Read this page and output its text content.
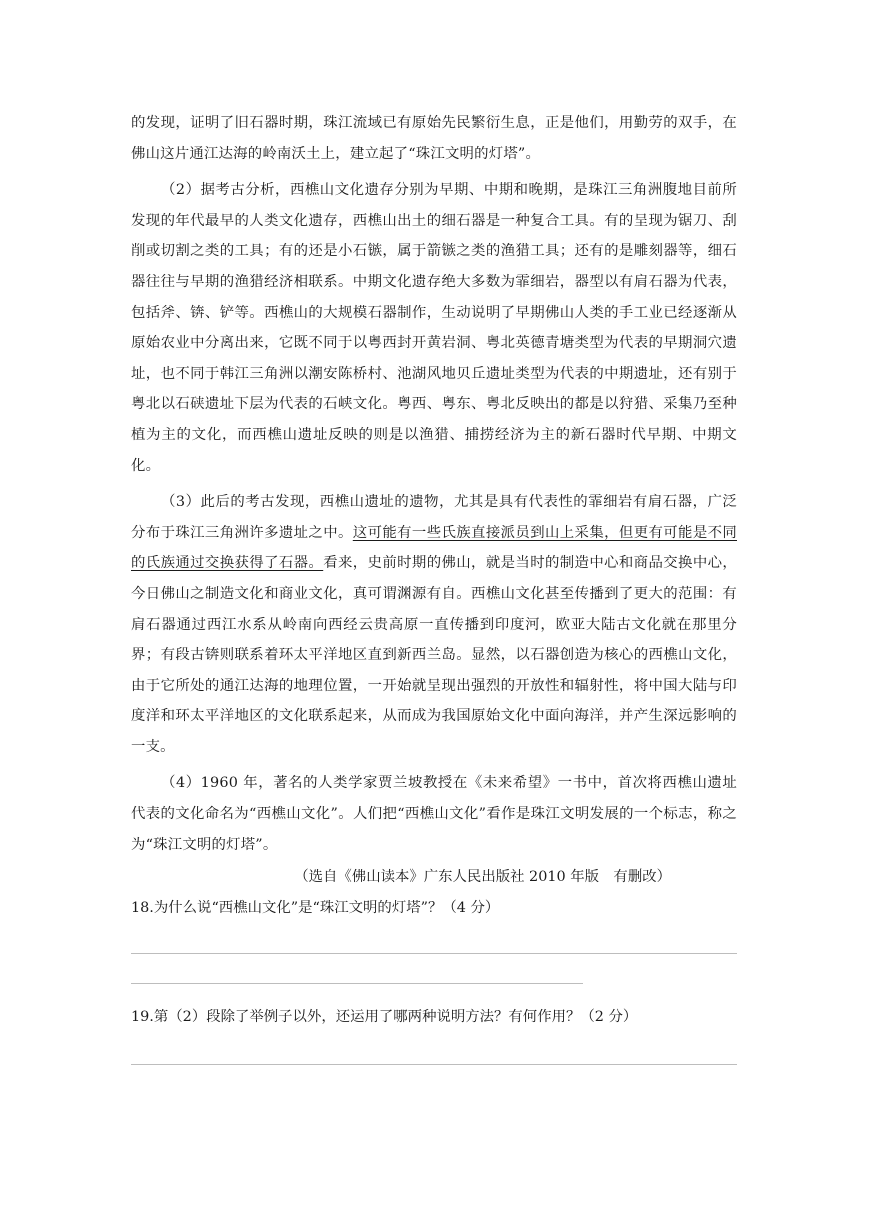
的发现，证明了旧石器时期，珠江流域已有原始先民繁衍生息，正是他们，用勤劳的双手，在佛山这片通江达海的岭南沃土上，建立起了“珠江文明的灯塔”。

（2）据考古分析，西樵山文化遗存分别为早期、中期和晚期，是珠江三角洲腹地目前所发现的年代最早的人类文化遗存，西樵山出土的细石器是一种复合工具。有的呈现为锯刀、刮削或切割之类的工具；有的还是小石镞，属于箭镞之类的渔猎工具；还有的是雕刻器等，细石器往往与早期的渔猎经济相联系。中期文化遗存绝大多数为霏细岩，器型以有肩石器为代表，包括斧、锛、铲等。西樵山的大规模石器制作，生动说明了早期佛山人类的手工业已经逐渐从原始农业中分离出来，它既不同于以粤西封开黄岩洞、粤北英德青塘类型为代表的早期洞穴遗址，也不同于韩江三角洲以潮安陈桥村、池湖风地贝丘遗址类型为代表的中期遗址，还有别于粤北以石硖遗址下层为代表的石峡文化。粤西、粤东、粤北反映出的都是以狩猎、采集乃至种植为主的文化，而西樵山遗址反映的则是以渔猎、捕捞经济为主的新石器时代早期、中期文化。

（3）此后的考古发现，西樵山遗址的遗物，尤其是具有代表性的霏细岩有肩石器，广泛分布于珠江三角洲许多遗址之中。这可能有一些氏族直接派员到山上采集，但更有可能是不同的氏族通过交换获得了石器。看来，史前时期的佛山，就是当时的制造中心和商品交换中心，今日佛山之制造文化和商业文化，真可谓渊源有自。西樵山文化甚至传播到了更大的范围：有肩石器通过西江水系从岭南向西经云贵高原一直传播到印度河，欧亚大陆古文化就在那里分界；有段古锛则联系着环太平洋地区直到新西兰岛。显然，以石器创造为核心的西樵山文化，由于它所处的通江达海的地理位置，一开始就呈现出强烈的开放性和辐射性，将中国大陆与印度洋和环太平洋地区的文化联系起来，从而成为我国原始文化中面向海洋，并产生深远影响的一支。

（4）1960 年，著名的人类学家贾兰坡教授在《未来希望》一书中，首次将西樵山遗址代表的文化命名为“西樵山文化”。人们把“西樵山文化”看作是珠江文明发展的一个标志，称之为“珠江文明的灯塔”。

（选自《佛山读本》广东人民出版社 2010 年版　有删改）

18.为什么说“西樵山文化”是“珠江文明的灯塔”？（4 分）

19.第（2）段除了举例子以外，还运用了哪两种说明方法？有何作用？（2 分）
